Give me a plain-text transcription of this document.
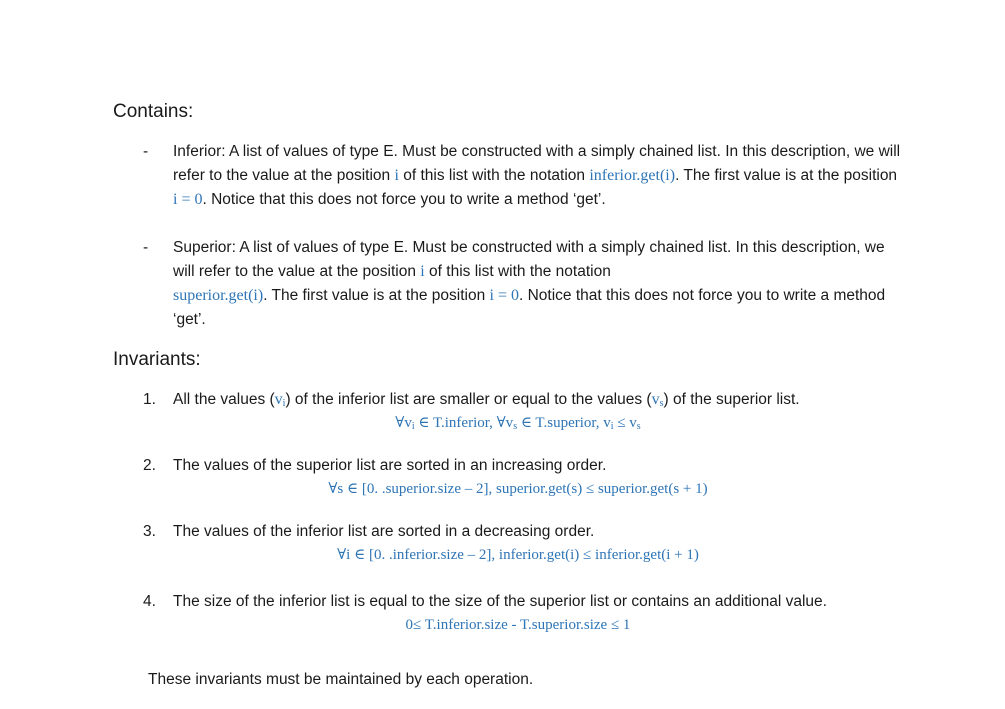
Contains:
- Inferior: A list of values of type E. Must be constructed with a simply chained list. In this description, we will refer to the value at the position i of this list with the notation inferior.get(i). The first value is at the position i = 0. Notice that this does not force you to write a method ‘get’.
- Superior: A list of values of type E. Must be constructed with a simply chained list. In this description, we will refer to the value at the position i of this list with the notation
superior.get(i). The first value is at the position i = 0. Notice that this does not force you to write a method ‘get’.
Invariants:
1. All the values $(v_i)$ of the inferior list are smaller or equal to the values $(v_s)$ of the superior list.
$\forall v_i$ ∈ T.inferior, $\forall v_s$ ∈ T.superior, $v_i \le v_s$
2. The values of the superior list are sorted in an increasing order.
∀s ∈ [0. .superior.size – 2], superior.get(s) ≤ superior.get(s + 1)
3. The values of the inferior list are sorted in a decreasing order.
∀i ∈ [0. .inferior.size – 2], inferior.get(i) ≤ inferior.get(i + 1)
4. The size of the inferior list is equal to the size of the superior list or contains an additional value.
0≤ T.inferior.size - T.superior.size ≤ 1
These invariants must be maintained by each operation.
